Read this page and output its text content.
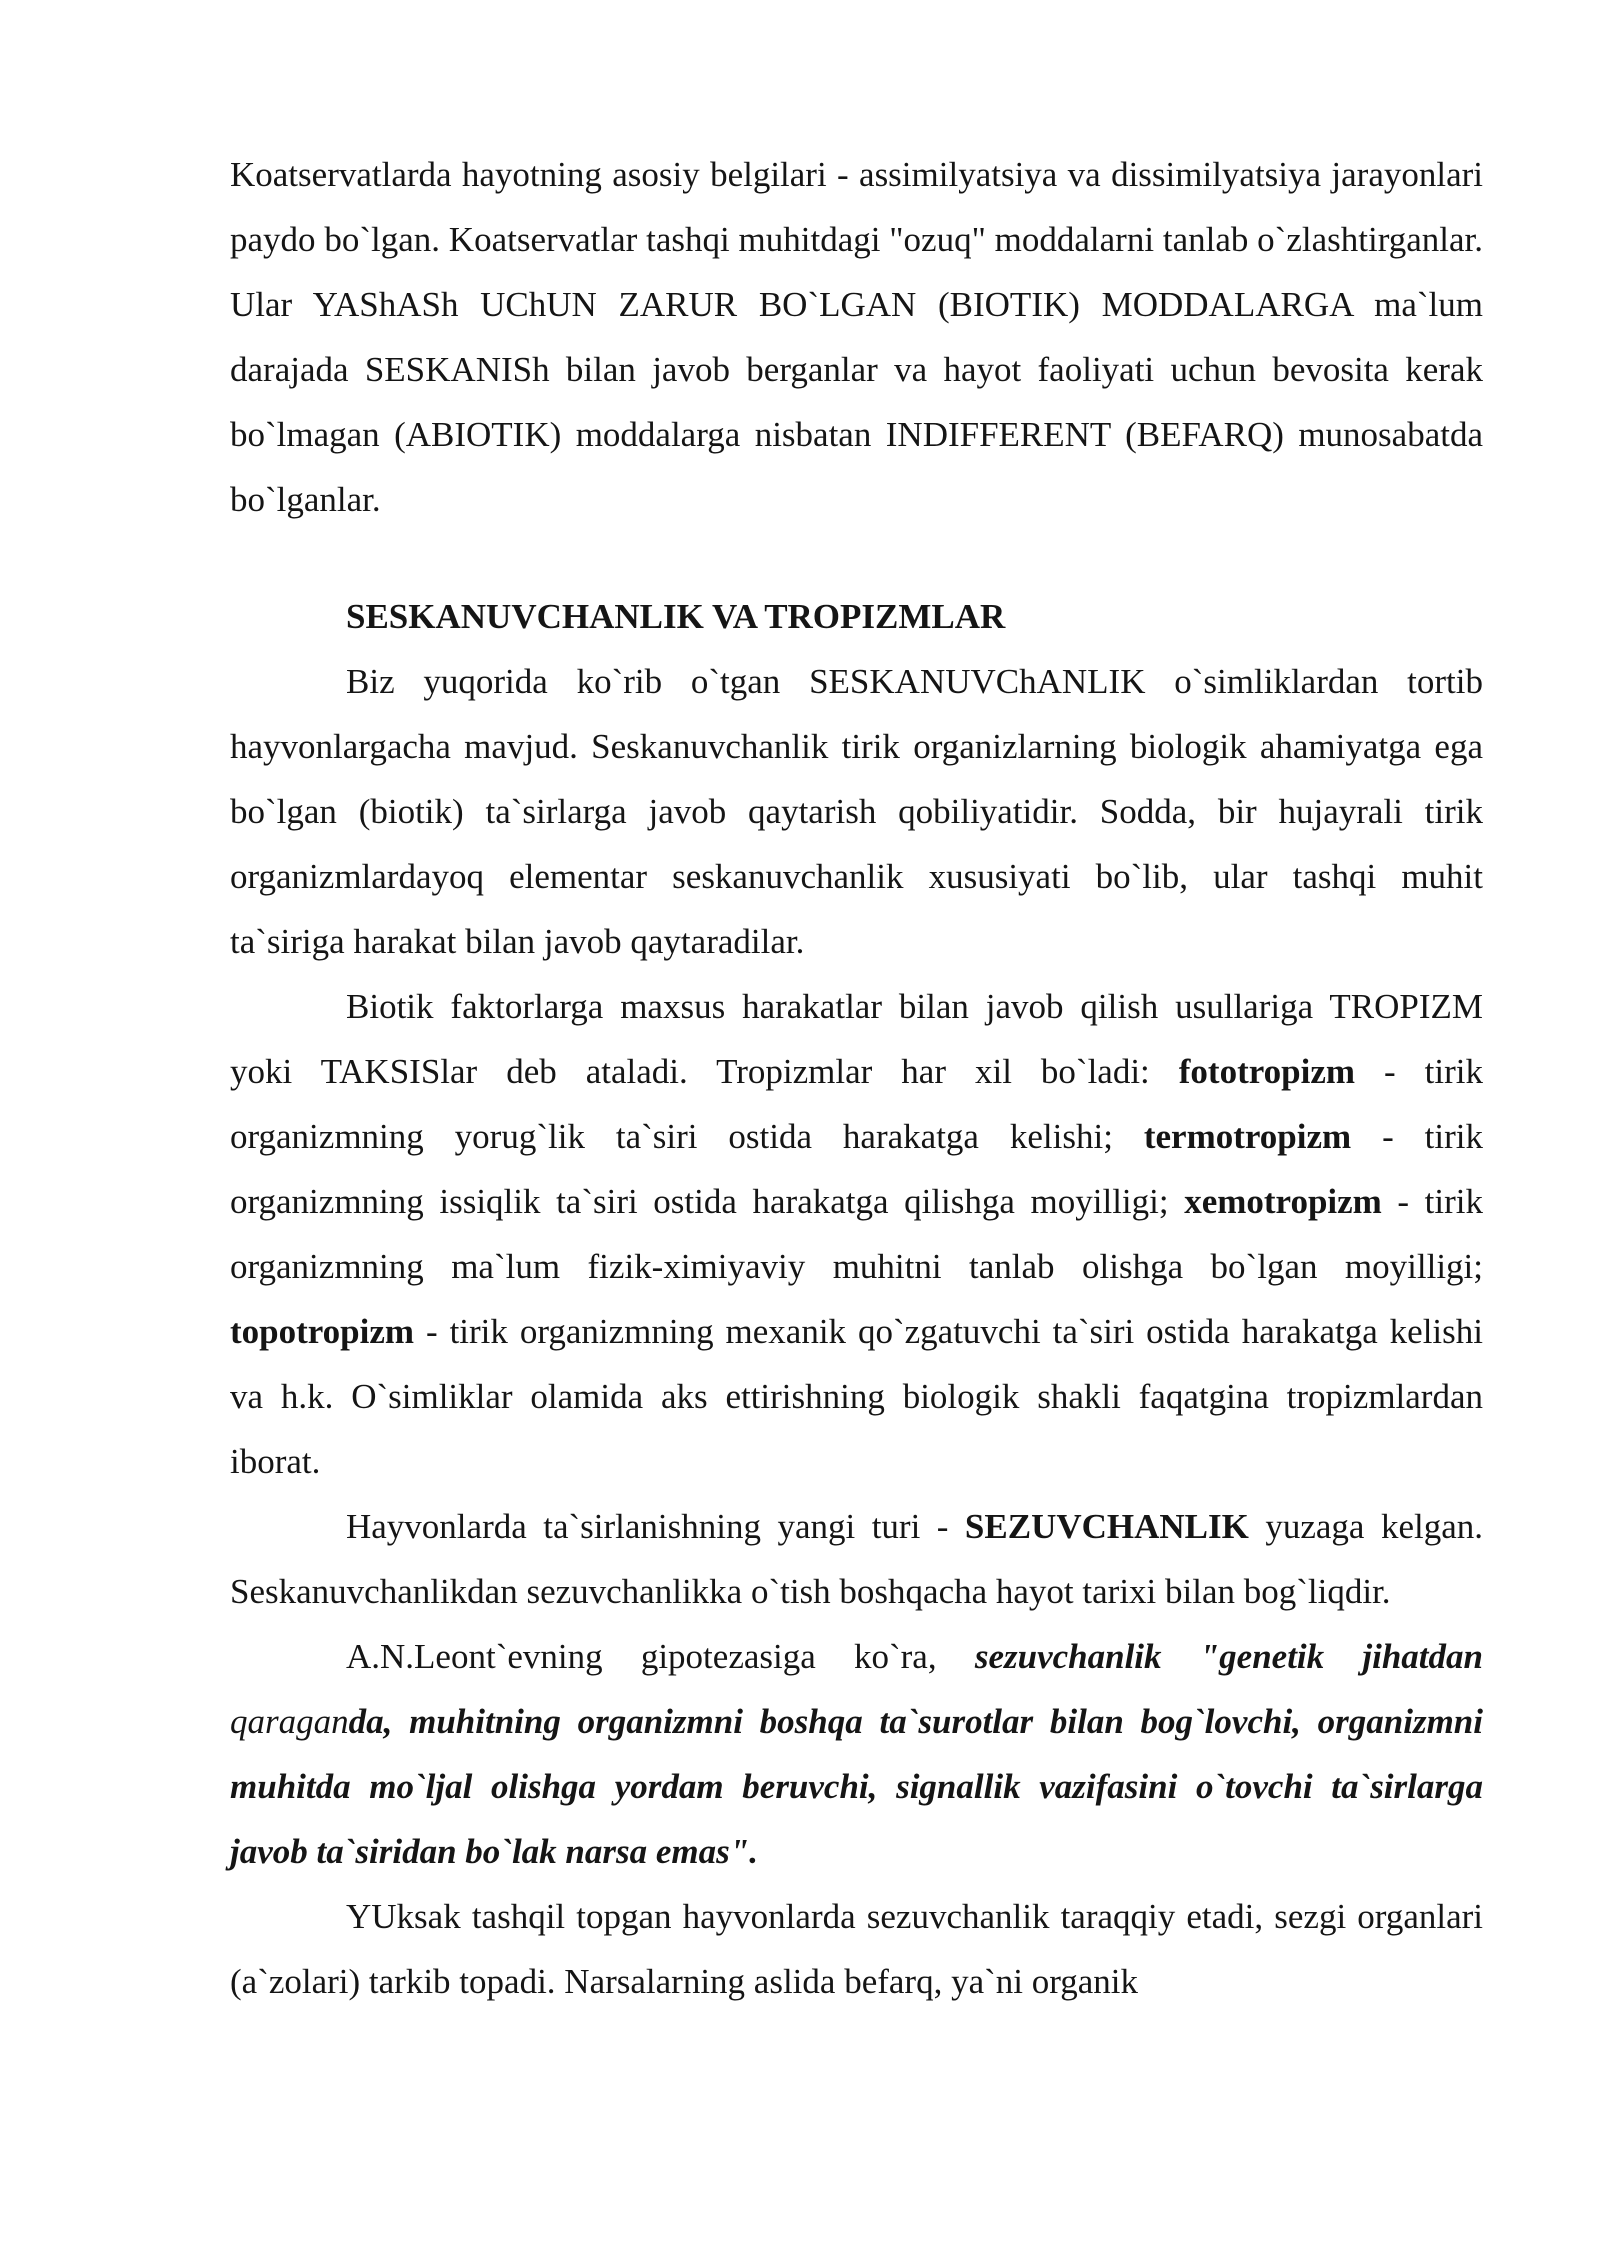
Koatservatlarda hayotning asosiy belgilari - assimilyatsiya va dissimilyatsiya jarayonlari paydo bo`lgan. Koatservatlar tashqi muhitdagi "ozuq" moddalarni tanlab o`zlashtirganlar. Ular YAShASh UChUN ZARUR BO`LGAN (BIOTIK) MODDALARGA ma`lum darajada SESKANISh bilan javob berganlar va hayot faoliyati uchun bevosita kerak bo`lmagan (ABIOTIK) moddalarga nisbatan INDIFFERENT (BEFARQ) munosabatda bo`lganlar.

SESKANUVCHANLIK VA TROPIZMLAR

Biz yuqorida ko`rib o`tgan SESKANUVChANLIK o`simliklardan tortib hayvonlargacha mavjud. Seskanuvchanlik tirik organizlarning biologik ahamiyatga ega bo`lgan (biotik) ta`sirlarga javob qaytarish qobiliyatidir. Sodda, bir hujayrali tirik organizmlardayoq elementar seskanuvchanlik xususiyati bo`lib, ular tashqi muhit ta`siriga harakat bilan javob qaytaradilar.

Biotik faktorlarga maxsus harakatlar bilan javob qilish usullariga TROPIZM yoki TAKSISlar deb ataladi. Tropizmlar har xil bo`ladi: fototropizm - tirik organizmning yorug`lik ta`siri ostida harakatga kelishi; termotropizm - tirik organizmning issiqlik ta`siri ostida harakatga qilishga moyilligi; xemotropizm - tirik organizmning ma`lum fizik-ximiyaviy muhitni tanlab olishga bo`lgan moyilligi; topotropizm - tirik organizmning mexanik qo`zgatuvchi ta`siri ostida harakatga kelishi va h.k. O`simliklar olamida aks ettirishning biologik shakli faqatgina tropizmlardan iborat.

Hayvonlarda ta`sirlanishning yangi turi - SEZUVCHANLIK yuzaga kelgan. Seskanuvchanlikdan sezuvchanlikka o`tish boshqacha hayot tarixi bilan bog`liqdir.

A.N.Leont`evning gipotezasiga ko`ra, sezuvchanlik "genetik jihatdan qaraganda, muhitning organizmni boshqa ta`surotlar bilan bog`lovchi, organizmni muhitda mo`ljal olishga yordam beruvchi, signallik vazifasini o`tovchi ta`sirlarga javob ta`siridan bo`lak narsa emas".

YUksak tashqil topgan hayvonlarda sezuvchanlik taraqqiy etadi, sezgi organlari (a`zolari) tarkib topadi. Narsalarning aslida befarq, ya`ni organik
